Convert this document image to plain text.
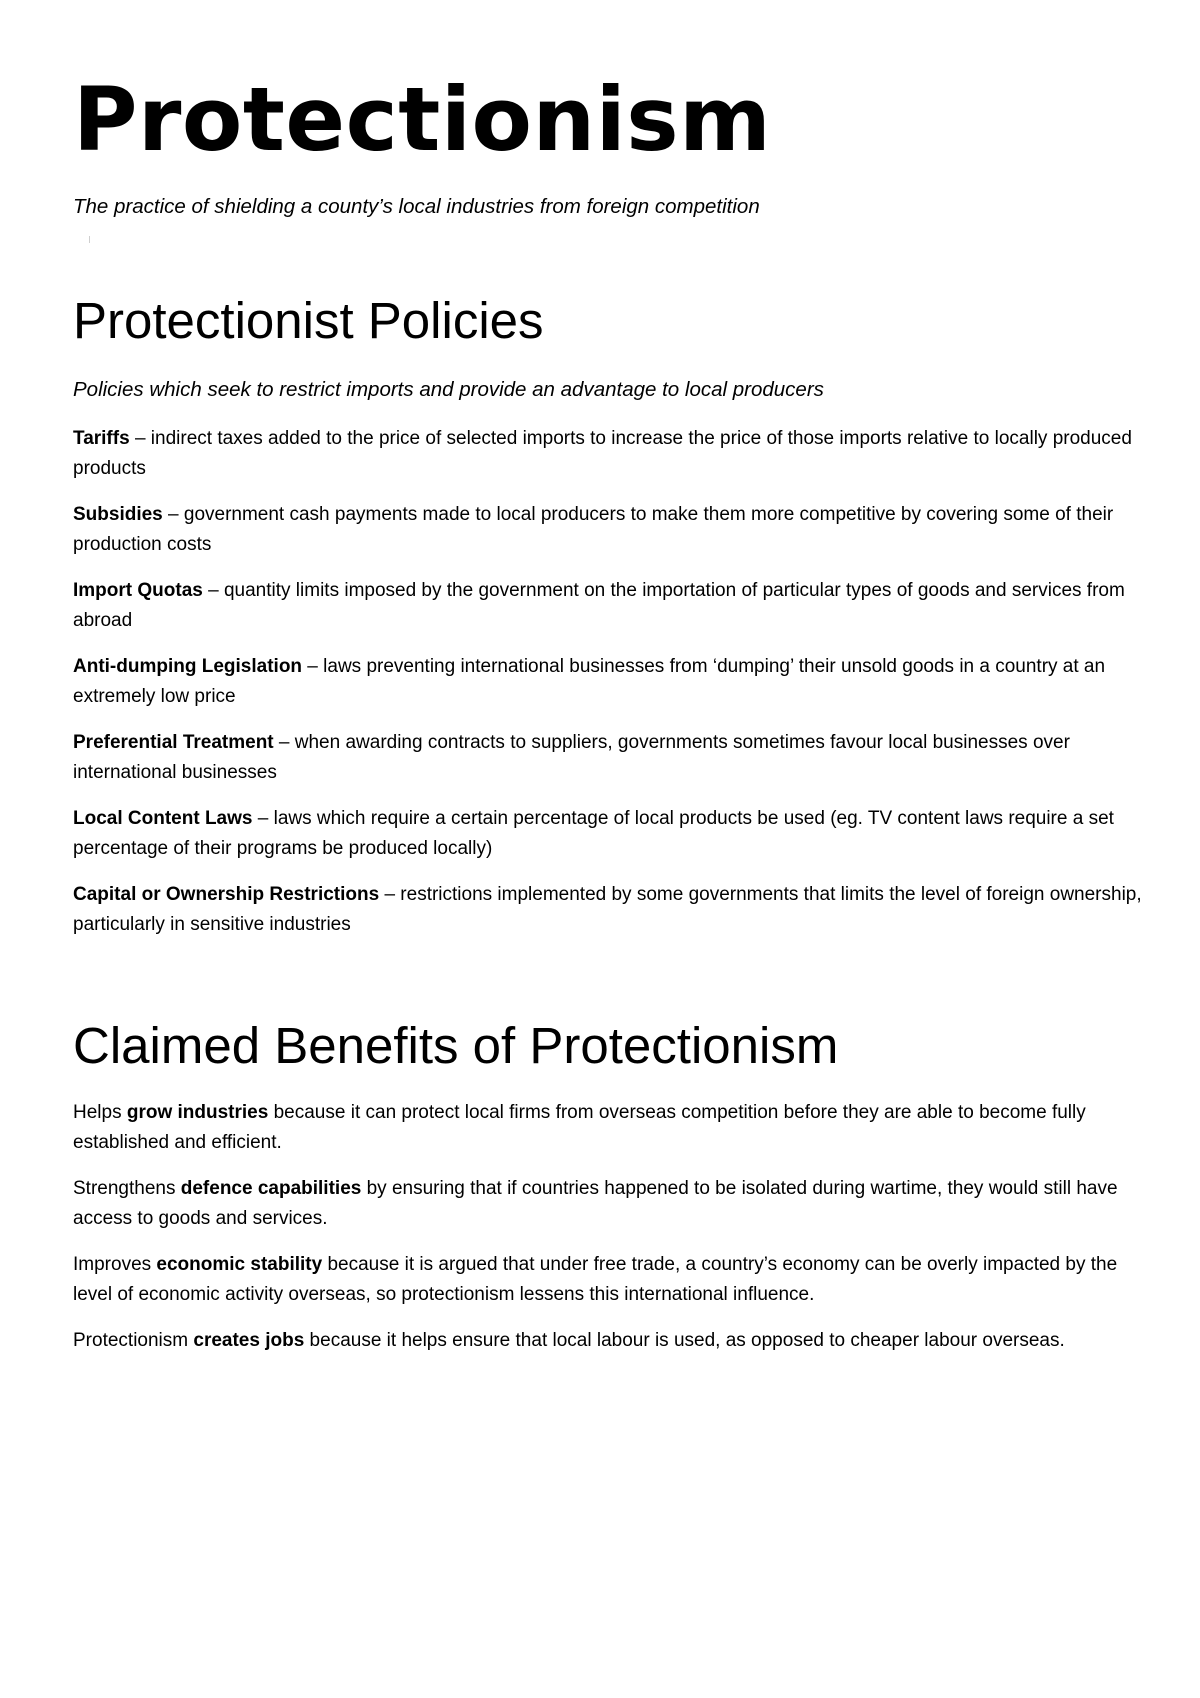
Protectionism

The practice of shielding a county’s local industries from foreign competition

Protectionist Policies

Policies which seek to restrict imports and provide an advantage to local producers

Tariffs – indirect taxes added to the price of selected imports to increase the price of those imports relative to locally produced products

Subsidies – government cash payments made to local producers to make them more competitive by covering some of their production costs

Import Quotas – quantity limits imposed by the government on the importation of particular types of goods and services from abroad

Anti-dumping Legislation – laws preventing international businesses from ‘dumping’ their unsold goods in a country at an extremely low price

Preferential Treatment – when awarding contracts to suppliers, governments sometimes favour local businesses over international businesses

Local Content Laws – laws which require a certain percentage of local products be used (eg. TV content laws require a set percentage of their programs be produced locally)

Capital or Ownership Restrictions – restrictions implemented by some governments that limits the level of foreign ownership, particularly in sensitive industries

Claimed Benefits of Protectionism

Helps grow industries because it can protect local firms from overseas competition before they are able to become fully established and efficient.

Strengthens defence capabilities by ensuring that if countries happened to be isolated during wartime, they would still have access to goods and services.

Improves economic stability because it is argued that under free trade, a country’s economy can be overly impacted by the level of economic activity overseas, so protectionism lessens this international influence.

Protectionism creates jobs because it helps ensure that local labour is used, as opposed to cheaper labour overseas.
